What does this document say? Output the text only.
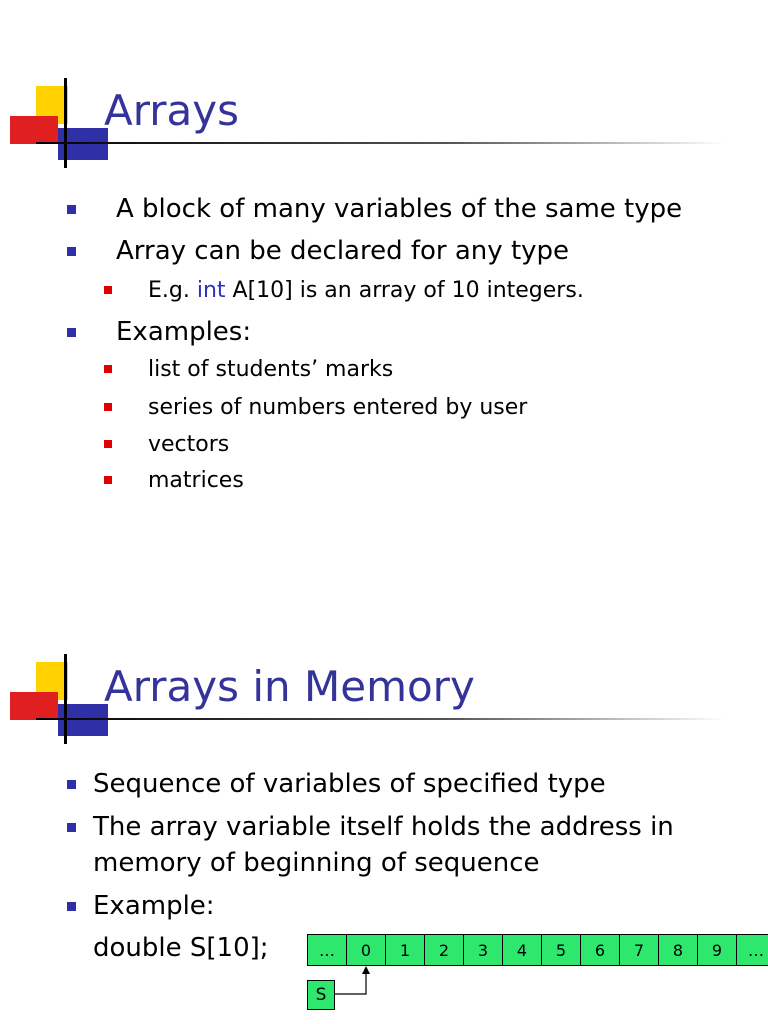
Arrays
A block of many variables of the same type
Array can be declared for any type
E.g. int A[10] is an array of 10 integers.
Examples:
list of students’ marks
series of numbers entered by user
vectors
matrices
Arrays in Memory
Sequence of variables of specified type
The array variable itself holds the address in
memory of beginning of sequence
Example:
double S[10];	…	0	1	2	3	4	5	6	7	8	9	…
S
